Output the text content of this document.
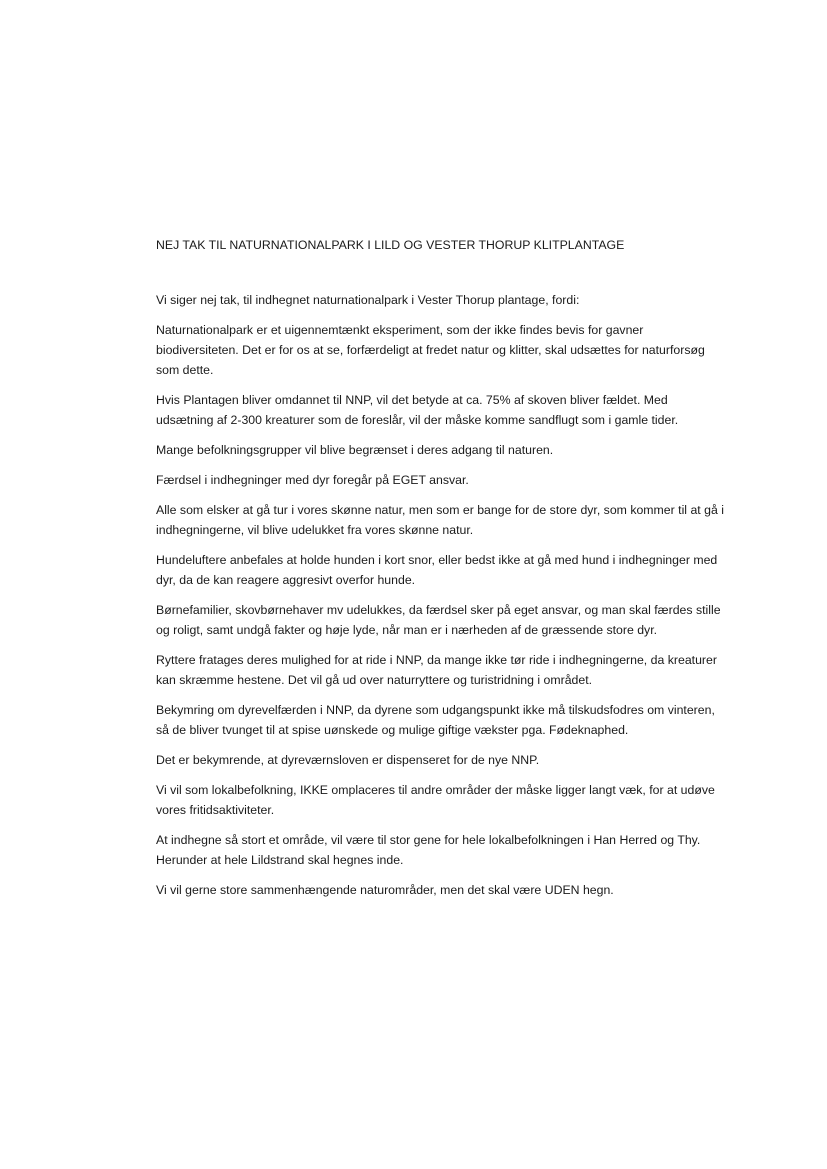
NEJ TAK TIL NATURNATIONALPARK I LILD OG VESTER THORUP KLITPLANTAGE

Vi siger nej tak, til indhegnet naturnationalpark i Vester Thorup plantage, fordi:

Naturnationalpark er et uigennemtænkt eksperiment, som der ikke findes bevis for gavner biodiversiteten. Det er for os at se, forfærdeligt at fredet natur og klitter, skal udsættes for naturforsøg som dette.

Hvis Plantagen bliver omdannet til NNP, vil det betyde at ca. 75% af skoven bliver fældet. Med udsætning af 2-300 kreaturer som de foreslår, vil der måske komme sandflugt som i gamle tider.

Mange befolkningsgrupper vil blive begrænset i deres adgang til naturen.

Færdsel i indhegninger med dyr foregår på EGET ansvar.

Alle som elsker at gå tur i vores skønne natur, men som er bange for de store dyr, som kommer til at gå i indhegningerne, vil blive udelukket fra vores skønne natur.

Hundeluftere anbefales at holde hunden i kort snor, eller bedst ikke at gå med hund i indhegninger med dyr, da de kan reagere aggresivt overfor hunde.

Børnefamilier, skovbørnehaver mv udelukkes, da færdsel sker på eget ansvar, og man skal færdes stille og roligt, samt undgå fakter og høje lyde, når man er i nærheden af de græssende store dyr.

Ryttere fratages deres mulighed for at ride i NNP, da mange ikke tør ride i indhegningerne, da kreaturer kan skræmme hestene. Det vil gå ud over naturryttere og turistridning i området.

Bekymring om dyrevelfærden i NNP, da dyrene som udgangspunkt ikke må tilskudsfodres om vinteren, så de bliver tvunget til at spise uønskede og mulige giftige vækster pga. Fødeknaphed.

Det er bekymrende, at dyreværnsloven er dispenseret for de nye NNP.

Vi vil som lokalbefolkning, IKKE omplaceres til andre områder der måske ligger langt væk, for at udøve vores fritidsaktiviteter.

At indhegne så stort et område, vil være til stor gene for hele lokalbefolkningen i Han Herred og Thy. Herunder at hele Lildstrand skal hegnes inde.

Vi vil gerne store sammenhængende naturområder, men det skal være UDEN hegn.
